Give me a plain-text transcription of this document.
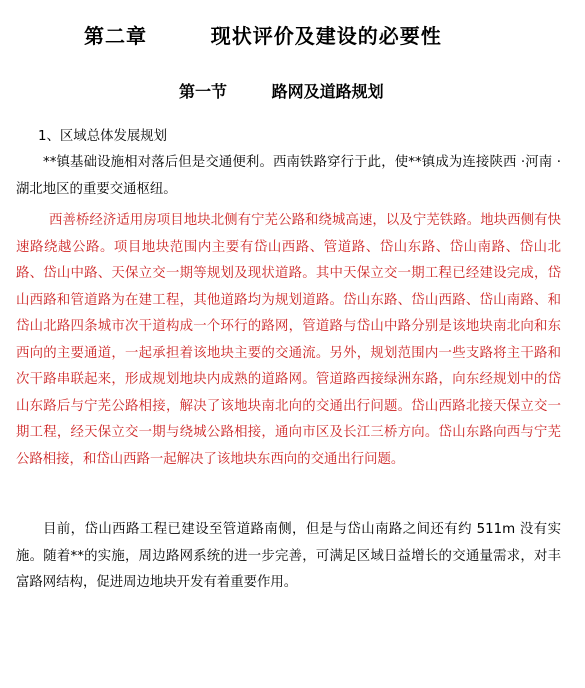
第二章        现状评价及建设的必要性
第一节        路网及道路规划
1、区域总体发展规划
**镇基础设施相对落后但是交通便利。西南铁路穿行于此，使**镇成为连接陕西 ·河南 · 湖北地区的重要交通枢纽。
西善桥经济适用房项目地块北侧有宁芜公路和绕城高速，以及宁芜铁路。地块西侧有快速路绕越公路。项目地块范围内主要有岱山西路、管道路、岱山东路、岱山南路、岱山北路、岱山中路、天保立交一期等规划及现状道路。其中天保立交一期工程已经建设完成，岱山西路和管道路为在建工程，其他道路均为规划道路。岱山东路、岱山西路、岱山南路、和岱山北路四条城市次干道构成一个环行的路网，管道路与岱山中路分别是该地块南北向和东西向的主要通道，一起承担着该地块主要的交通流。另外，规划范围内一些支路将主干路和次干路串联起来，形成规划地块内成熟的道路网。管道路西接绿洲东路，向东经规划中的岱山东路后与宁芜公路相接，解决了该地块南北向的交通出行问题。岱山西路北接天保立交一期工程，经天保立交一期与绕城公路相接，通向市区及长江三桥方向。岱山东路向西与宁芜公路相接，和岱山西路一起解决了该地块东西向的交通出行问题。
目前，岱山西路工程已建设至管道路南侧，但是与岱山南路之间还有约 511m 没有实施。随着**的实施，周边路网系统的进一步完善，可满足区域日益增长的交通量需求，对丰富路网结构，促进周边地块开发有着重要作用。
